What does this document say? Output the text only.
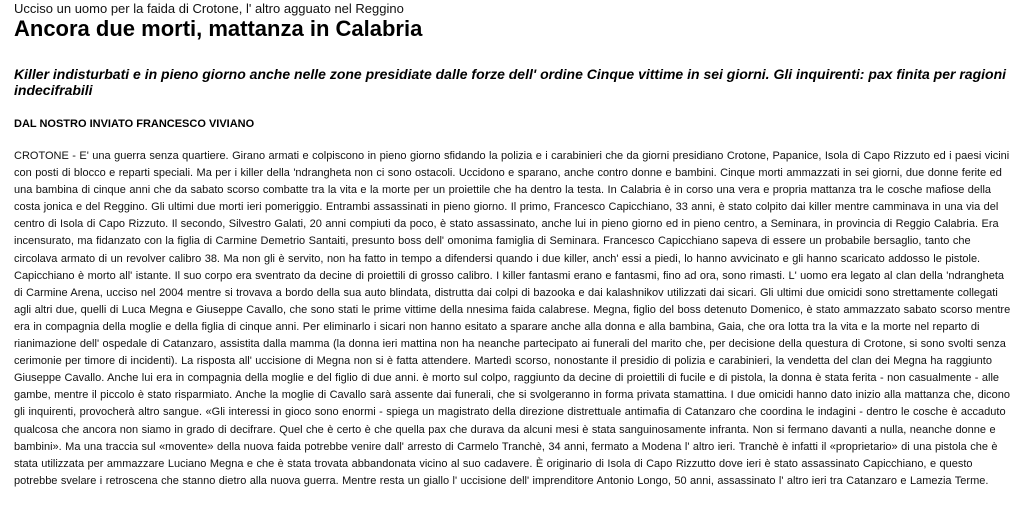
Ucciso un uomo per la faida di Crotone, l' altro agguato nel Reggino

Ancora due morti, mattanza in Calabria
Killer indisturbati e in pieno giorno anche nelle zone presidiate dalle forze dell' ordine Cinque vittime in sei giorni. Gli inquirenti: pax finita per ragioni indecifrabili
DAL NOSTRO INVIATO FRANCESCO VIVIANO

CROTONE - E' una guerra senza quartiere. Girano armati e colpiscono in pieno giorno sfidando la polizia e i carabinieri che da giorni presidiano Crotone, Papanice, Isola di Capo Rizzuto ed i paesi vicini con posti di blocco e reparti speciali. Ma per i killer della 'ndrangheta non ci sono ostacoli. Uccidono e sparano, anche contro donne e bambini. Cinque morti ammazzati in sei giorni, due donne ferite ed una bambina di cinque anni che da sabato scorso combatte tra la vita e la morte per un proiettile che ha dentro la testa. In Calabria è in corso una vera e propria mattanza tra le cosche mafiose della costa jonica e del Reggino. Gli ultimi due morti ieri pomeriggio. Entrambi assassinati in pieno giorno. Il primo, Francesco Capicchiano, 33 anni, è stato colpito dai killer mentre camminava in una via del centro di Isola di Capo Rizzuto. Il secondo, Silvestro Galati, 20 anni compiuti da poco, è stato assassinato, anche lui in pieno giorno ed in pieno centro, a Seminara, in provincia di Reggio Calabria. Era incensurato, ma fidanzato con la figlia di Carmine Demetrio Santaiti, presunto boss dell' omonima famiglia di Seminara. Francesco Capicchiano sapeva di essere un probabile bersaglio, tanto che circolava armato di un revolver calibro 38. Ma non gli è servito, non ha fatto in tempo a difendersi quando i due killer, anch' essi a piedi, lo hanno avvicinato e gli hanno scaricato addosso le pistole. Capicchiano è morto all' istante. Il suo corpo era sventrato da decine di proiettili di grosso calibro. I killer fantasmi erano e fantasmi, fino ad ora, sono rimasti. L' uomo era legato al clan della 'ndrangheta di Carmine Arena, ucciso nel 2004 mentre si trovava a bordo della sua auto blindata, distrutta dai colpi di bazooka e dai kalashnikov utilizzati dai sicari. Gli ultimi due omicidi sono strettamente collegati agli altri due, quelli di Luca Megna e Giuseppe Cavallo, che sono stati le prime vittime della nnesima faida calabrese. Megna, figlio del boss detenuto Domenico, è stato ammazzato sabato scorso mentre era in compagnia della moglie e della figlia di cinque anni. Per eliminarlo i sicari non hanno esitato a sparare anche alla donna e alla bambina, Gaia, che ora lotta tra la vita e la morte nel reparto di rianimazione dell' ospedale di Catanzaro, assistita dalla mamma (la donna ieri mattina non ha neanche partecipato ai funerali del marito che, per decisione della questura di Crotone, si sono svolti senza cerimonie per timore di incidenti). La risposta all' uccisione di Megna non si è fatta attendere. Martedì scorso, nonostante il presidio di polizia e carabinieri, la vendetta del clan dei Megna ha raggiunto Giuseppe Cavallo. Anche lui era in compagnia della moglie e del figlio di due anni. è morto sul colpo, raggiunto da decine di proiettili di fucile e di pistola, la donna è stata ferita - non casualmente - alle gambe, mentre il piccolo è stato risparmiato. Anche la moglie di Cavallo sarà assente dai funerali, che si svolgeranno in forma privata stamattina. I due omicidi hanno dato inizio alla mattanza che, dicono gli inquirenti, provocherà altro sangue. «Gli interessi in gioco sono enormi - spiega un magistrato della direzione distrettuale antimafia di Catanzaro che coordina le indagini - dentro le cosche è accaduto qualcosa che ancora non siamo in grado di decifrare. Quel che è certo è che quella pax che durava da alcuni mesi è stata sanguinosamente infranta. Non si fermano davanti a nulla, neanche donne e bambini». Ma una traccia sul «movente» della nuova faida potrebbe venire dall' arresto di Carmelo Tranchè, 34 anni, fermato a Modena l' altro ieri. Tranchè è infatti il «proprietario» di una pistola che è stata utilizzata per ammazzare Luciano Megna e che è stata trovata abbandonata vicino al suo cadavere. È originario di Isola di Capo Rizzutto dove ieri è stato assassinato Capicchiano, e questo potrebbe svelare i retroscena che stanno dietro alla nuova guerra. Mentre resta un giallo l' uccisione dell' imprenditore Antonio Longo, 50 anni, assassinato l' altro ieri tra Catanzaro e Lamezia Terme.
